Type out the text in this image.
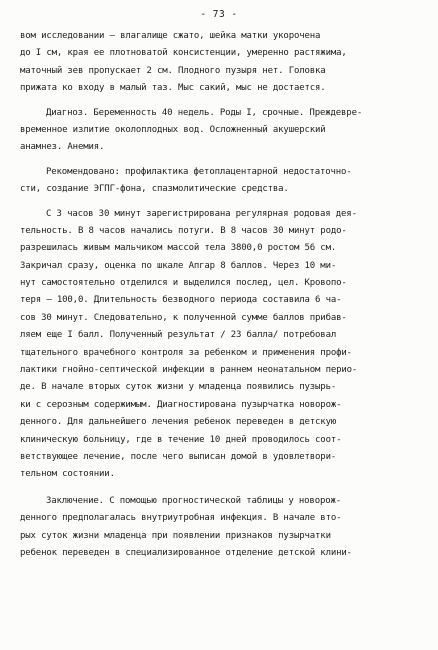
- 73 -
вом исследовании – влагалище сжато, шейка матки укорочена
до I см, края ее плотноватой консистенции, умеренно растяжима,
маточный зев пропускает 2 см. Плодного пузыря нет. Головка
прижата ко входу в малый таз. Мыс сакий, мыс не достается.
Диагноз. Беременность 40 недель. Роды I, срочные. Преждевре-
временное излитие околоплодных вод. Осложненный акушерский
анамнез. Анемия.
Рекомендовано: профилактика фетоплацентарной недостаточно-
сти, создание ЭГПГ-фона, спазмолитические средства.
С 3 часов 30 минут зарегистрирована регулярная родовая дея-
тельность. В 8 часов начались потуги. В 8 часов 30 минут родо-
разрешилась живым мальчиком массой тела 3800,0 ростом 56 см.
Закричал сразу, оценка по шкале Апгар 8 баллов. Через 10 ми-
нут самостоятельно отделился и выделился послед, цел. Кровопо-
теря – 100,0. Длительность безводного периода составила 6 ча-
сов 30 минут. Следовательно, к полученной сумме баллов прибав-
ляем еще I балл. Полученный результат / 23 балла/ потребовал
тщательного врачебного контроля за ребенком и применения профи-
лактики гнойно-септической инфекции в раннем неонатальном перио-
де. В начале вторых суток жизни у младенца появились пузырь-
ки с серозным содержимым. Диагностирована пузырчатка новорож-
денного. Для дальнейшего лечения ребенок переведен в детскую
клиническую больницу, где в течение 10 дней проводилось соот-
ветствующее лечение, после чего выписан домой в удовлетвори-
тельном состоянии.
Заключение. С помощью прогностической таблицы у новорож-
денного предполагалась внутриутробная инфекция. В начале вто-
рых суток жизни младенца при появлении признаков пузырчатки
ребенок переведен в специализированное отделение детской клини-
